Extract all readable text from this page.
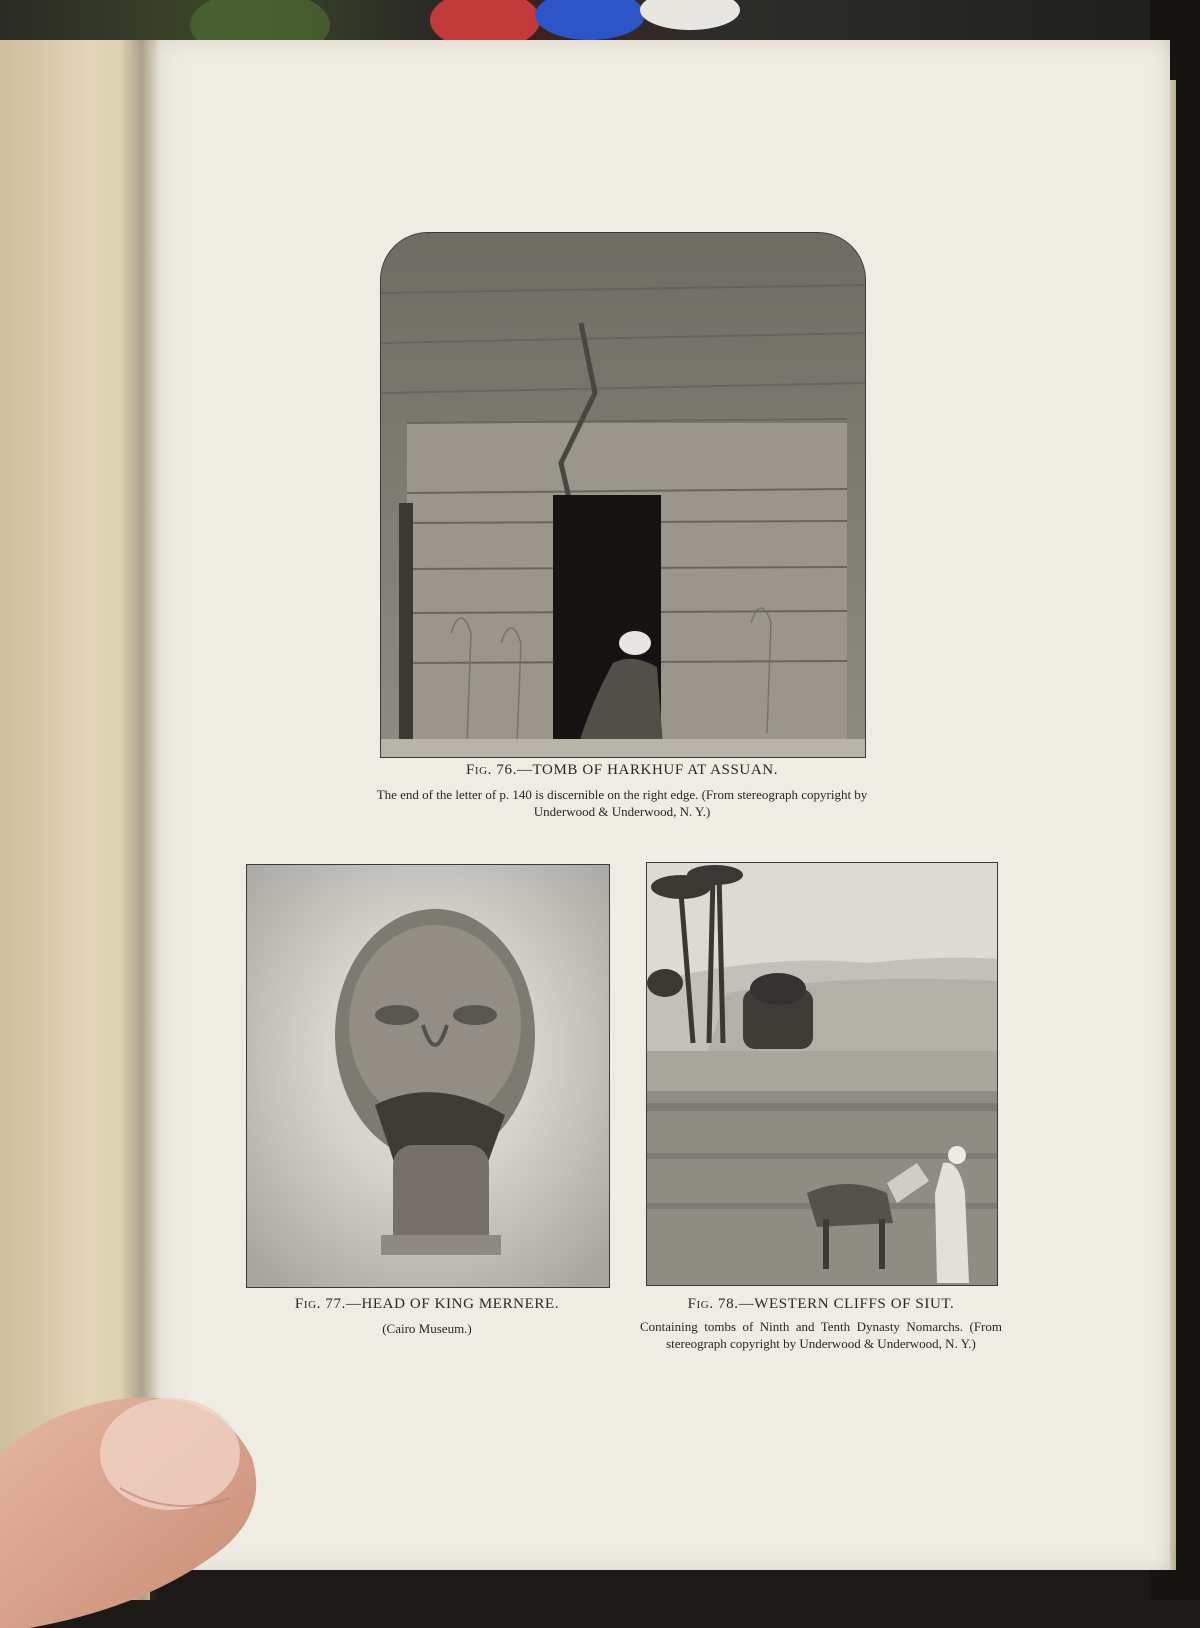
Fig. 76.—TOMB OF HARKHUF AT ASSUAN.

The end of the letter of p. 140 is discernible on the right edge. (From stereograph copyright by Underwood & Underwood, N. Y.)

Fig. 77.—HEAD OF KING MERNERE.

(Cairo Museum.)

Fig. 78.—WESTERN CLIFFS OF SIUT.

Containing tombs of Ninth and Tenth Dynasty Nomarchs. (From stereograph copyright by Underwood & Underwood, N. Y.)
